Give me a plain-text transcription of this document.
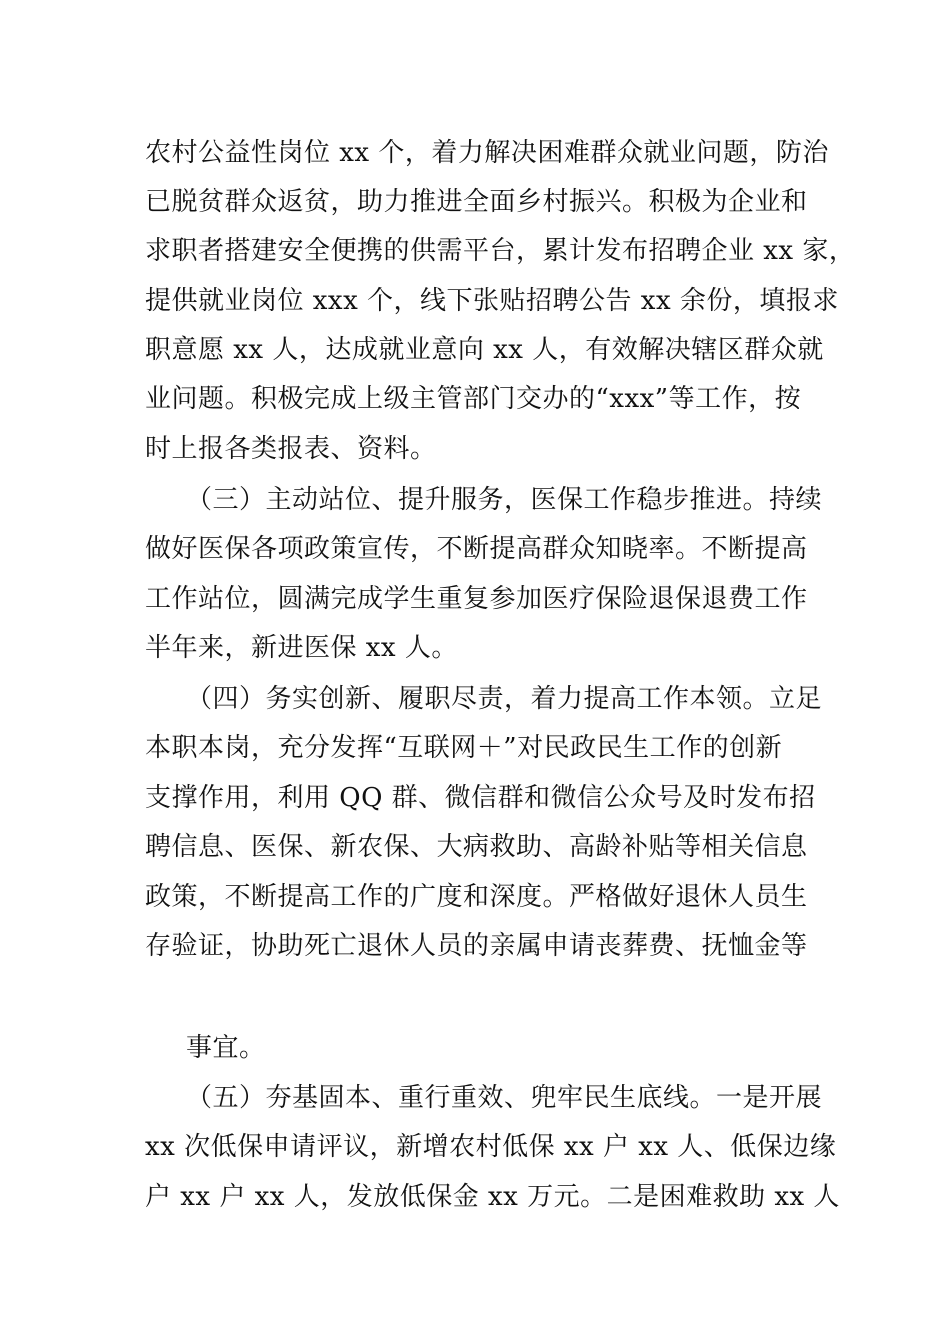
农村公益性岗位 xx 个，着力解决困难群众就业问题，防治
已脱贫群众返贫，助力推进全面乡村振兴。积极为企业和
求职者搭建安全便携的供需平台，累计发布招聘企业 xx 家，
提供就业岗位 xxx 个，线下张贴招聘公告 xx 余份，填报求
职意愿 xx 人，达成就业意向 xx 人，有效解决辖区群众就
业问题。积极完成上级主管部门交办的“xxx”等工作，按
时上报各类报表、资料。
（三）主动站位、提升服务，医保工作稳步推进。持续
做好医保各项政策宣传，不断提高群众知晓率。不断提高
工作站位，圆满完成学生重复参加医疗保险退保退费工作
半年来，新进医保 xx 人。
（四）务实创新、履职尽责，着力提高工作本领。立足
本职本岗，充分发挥“互联网＋”对民政民生工作的创新
支撑作用，利用 QQ 群、微信群和微信公众号及时发布招
聘信息、医保、新农保、大病救助、高龄补贴等相关信息
政策，不断提高工作的广度和深度。严格做好退休人员生
存验证，协助死亡退休人员的亲属申请丧葬费、抚恤金等
事宜。
（五）夯基固本、重行重效、兜牢民生底线。一是开展
xx 次低保申请评议，新增农村低保 xx 户 xx 人、低保边缘
户 xx 户 xx 人，发放低保金 xx 万元。二是困难救助 xx 人
